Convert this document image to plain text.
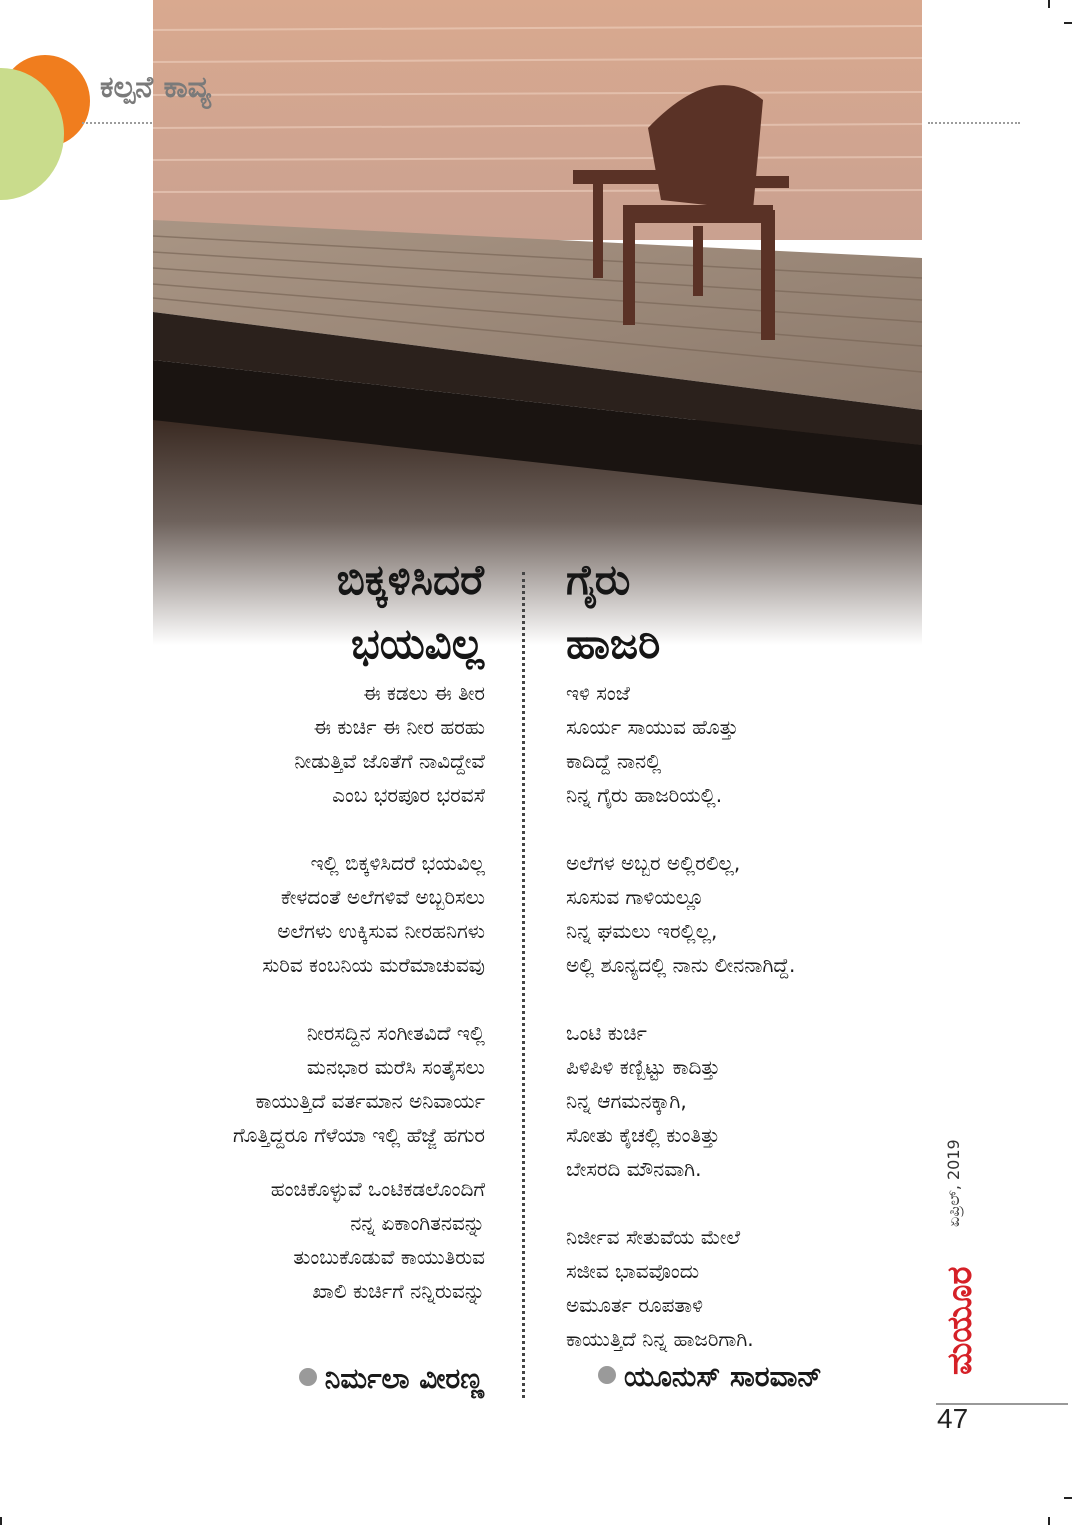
ಕಲ್ಪನೆ ಕಾವ್ಯ
ಬಿಕ್ಕಳಿಸಿದರೆ
ಭಯವಿಲ್ಲ
ಗೈರು
ಹಾಜರಿ
ಈ ಕಡಲು ಈ ತೀರ
ಈ ಕುರ್ಚಿ ಈ ನೀರ ಹರಹು
ನೀಡುತ್ತಿವೆ ಜೊತೆಗೆ ನಾವಿದ್ದೇವೆ
ಎಂಬ ಭರಪೂರ ಭರವಸೆ
ಇಲ್ಲಿ ಬಿಕ್ಕಳಿಸಿದರೆ ಭಯವಿಲ್ಲ
ಕೇಳದಂತೆ ಅಲೆಗಳಿವೆ ಅಬ್ಬರಿಸಲು
ಅಲೆಗಳು ಉಕ್ಕಿಸುವ ನೀರಹನಿಗಳು
ಸುರಿವ ಕಂಬನಿಯ ಮರೆಮಾಚುವವು
ನೀರಸದ್ದಿನ ಸಂಗೀತವಿದೆ ಇಲ್ಲಿ
ಮನಭಾರ ಮರೆಸಿ ಸಂತೈಸಲು
ಕಾಯುತ್ತಿದೆ ವರ್ತಮಾನ ಅನಿವಾರ್ಯ
ಗೊತ್ತಿದ್ದರೂ ಗೆಳೆಯಾ ಇಲ್ಲಿ ಹೆಜ್ಜೆ ಹಗುರ
ಹಂಚಿಕೊಳ್ಳುವೆ ಒಂಟಿಕಡಲೊಂದಿಗೆ
ನನ್ನ ಏಕಾಂಗಿತನವನ್ನು
ತುಂಬುಕೊಡುವೆ ಕಾಯುತಿರುವ
ಖಾಲಿ ಕುರ್ಚಿಗೆ ನನ್ನಿರುವನ್ನು
ಇಳಿ ಸಂಜೆ
ಸೂರ್ಯ ಸಾಯುವ ಹೊತ್ತು
ಕಾದಿದ್ದೆ ನಾನಲ್ಲಿ
ನಿನ್ನ ಗೈರು ಹಾಜರಿಯಲ್ಲಿ.
ಅಲೆಗಳ ಅಬ್ಬರ ಅಲ್ಲಿರಲಿಲ್ಲ,
ಸೂಸುವ ಗಾಳಿಯಲ್ಲೂ
ನಿನ್ನ ಘಮಲು ಇರಲ್ಲಿಲ್ಲ,
ಅಲ್ಲಿ ಶೂನ್ಯದಲ್ಲಿ ನಾನು ಲೀನನಾಗಿದ್ದೆ.
ಒಂಟಿ ಕುರ್ಚಿ
ಪಿಳಿಪಿಳಿ ಕಣ್ಬಿಟ್ಟು ಕಾದಿತ್ತು
ನಿನ್ನ ಆಗಮನಕ್ಕಾಗಿ,
ಸೋತು ಕೈಚಲ್ಲಿ ಕುಂತಿತ್ತು
ಬೇಸರದಿ ಮೌನವಾಗಿ.
ನಿರ್ಜೀವ ಸೇತುವೆಯ ಮೇಲೆ
ಸಜೀವ ಭಾವವೊಂದು
ಅಮೂರ್ತ ರೂಪತಾಳಿ
ಕಾಯುತ್ತಿದೆ ನಿನ್ನ ಹಾಜರಿಗಾಗಿ.
ನಿರ್ಮಲಾ ವೀರಣ್ಣ	ಯೂನುಸ್ ಸಾರವಾನ್
ಏಪ್ರಿಲ್, 2019
ಮಯೂರ
47
